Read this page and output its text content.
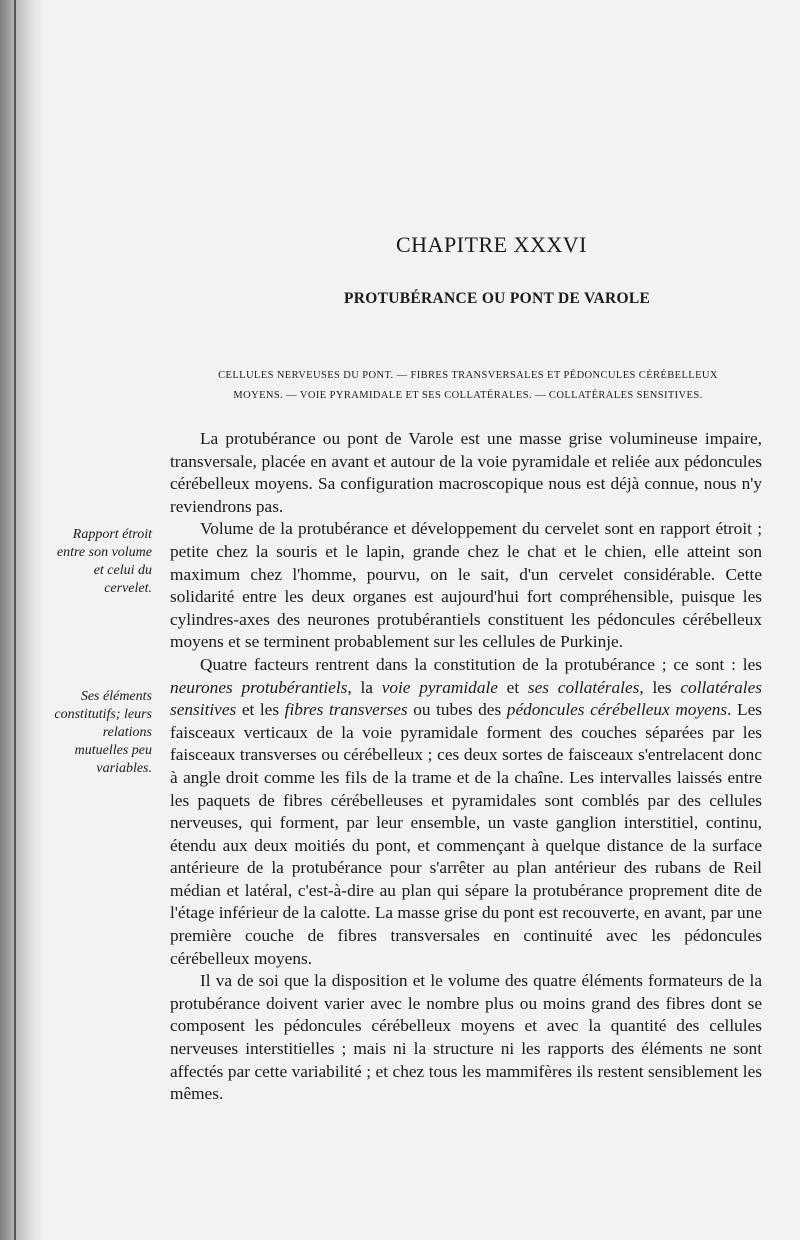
CHAPITRE XXXVI
PROTUBÉRANCE OU PONT DE VAROLE
CELLULES NERVEUSES DU PONT. — FIBRES TRANSVERSALES ET PÉDONCULES CÉRÉBELLEUX
MOYENS. — VOIE PYRAMIDALE ET SES COLLATÉRALES. — COLLATÉRALES SENSITIVES.
Rapport étroit entre son volume et celui du cervelet.
Ses éléments constitutifs; leurs relations mutuelles peu variables.

La protubérance ou pont de Varole est une masse grise volumineuse impaire, transversale, placée en avant et autour de la voie pyramidale et reliée aux pédoncules cérébelleux moyens. Sa configuration macroscopique nous est déjà connue, nous n'y reviendrons pas.

Volume de la protubérance et développement du cervelet sont en rapport étroit ; petite chez la souris et le lapin, grande chez le chat et le chien, elle atteint son maximum chez l'homme, pourvu, on le sait, d'un cervelet considérable. Cette solidarité entre les deux organes est aujourd'hui fort compréhensible, puisque les cylindres-axes des neurones protubérantiels constituent les pédoncules cérébelleux moyens et se terminent probablement sur les cellules de Purkinje.

Quatre facteurs rentrent dans la constitution de la protubérance ; ce sont : les neurones protubérantiels, la voie pyramidale et ses collatérales, les collatérales sensitives et les fibres transverses ou tubes des pédoncules cérébelleux moyens. Les faisceaux verticaux de la voie pyramidale forment des couches séparées par les faisceaux transverses ou cérébelleux ; ces deux sortes de faisceaux s'entrelacent donc à angle droit comme les fils de la trame et de la chaîne. Les intervalles laissés entre les paquets de fibres cérébelleuses et pyramidales sont comblés par des cellules nerveuses, qui forment, par leur ensemble, un vaste ganglion interstitiel, continu, étendu aux deux moitiés du pont, et commençant à quelque distance de la surface antérieure de la protubérance pour s'arrêter au plan antérieur des rubans de Reil médian et latéral, c'est-à-dire au plan qui sépare la protubérance proprement dite de l'étage inférieur de la calotte. La masse grise du pont est recouverte, en avant, par une première couche de fibres transversales en continuité avec les pédoncules cérébelleux moyens.

Il va de soi que la disposition et le volume des quatre éléments formateurs de la protubérance doivent varier avec le nombre plus ou moins grand des fibres dont se composent les pédoncules cérébelleux moyens et avec la quantité des cellules nerveuses interstitielles ; mais ni la structure ni les rapports des éléments ne sont affectés par cette variabilité ; et chez tous les mammifères ils restent sensiblement les mêmes.
